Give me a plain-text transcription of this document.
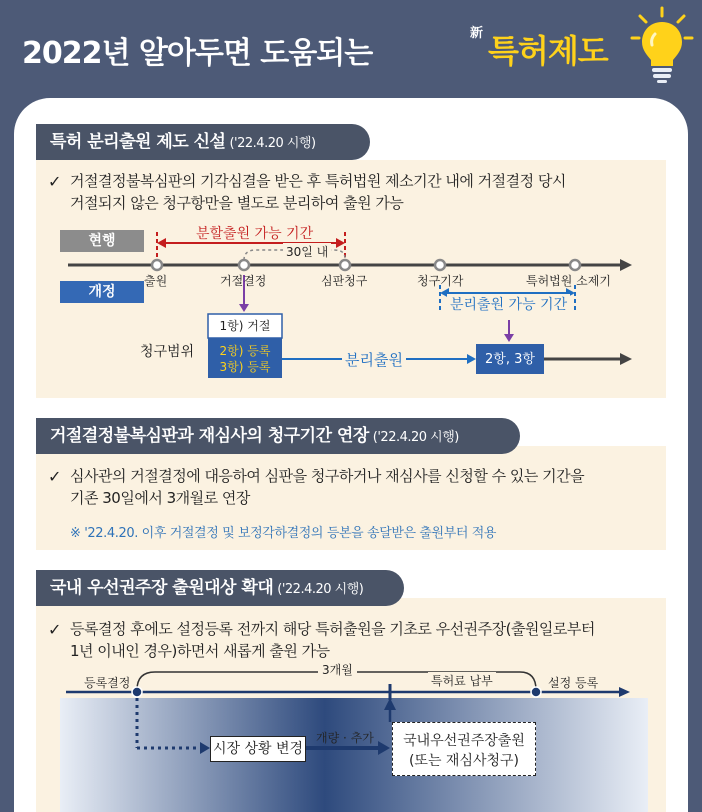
2022년 알아두면 도움되는
新 특허제도
특허 분리출원 제도 신설 ('22.4.20 시행)
✓ 거절결정불복심판의 기각심결을 받은 후 특허법원 제소기간 내에 거절결정 당시
거절되지 않은 청구항만을 별도로 분리하여 출원 가능
현행
개정
분할출원 가능 기간
30일 내
출원	거절결정	심판청구	청구기각	특허법원 소제기
분리출원 가능 기간
청구범위
1항) 거절
2항) 등록
3항) 등록	분리출원	2항, 3항
거절결정불복심판과 재심사의 청구기간 연장 ('22.4.20 시행)
✓ 심사관의 거절결정에 대응하여 심판을 청구하거나 재심사를 신청할 수 있는 기간을
기존 30일에서 3개월로 연장
※ '22.4.20. 이후 거절결정 및 보정각하결정의 등본을 송달받은 출원부터 적용
국내 우선권주장 출원대상 확대 ('22.4.20 시행)
✓ 등록결정 후에도 설정등록 전까지 해당 특허출원을 기초로 우선권주장(출원일로부터
1년 이내인 경우)하면서 새롭게 출원 가능
3개월
등록결정	특허료 납부	설정 등록
시장 상황 변경
개량 · 추가	국내우선권주장출원
(또는 재심사청구)
